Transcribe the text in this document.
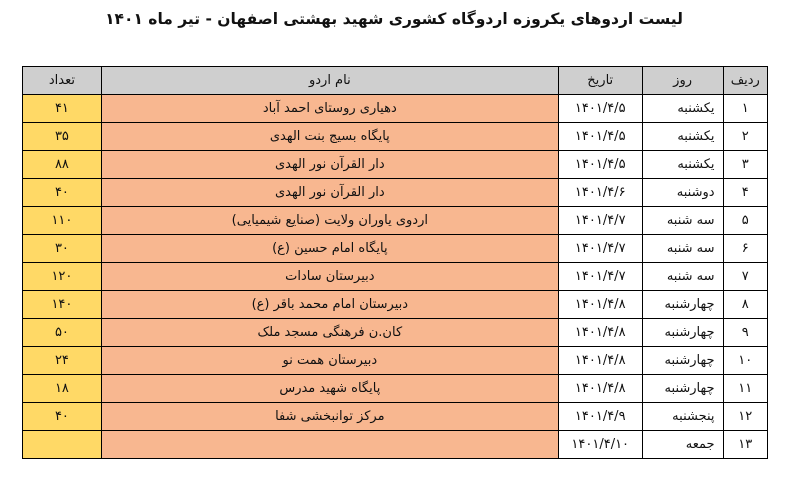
لیست اردوهای یکروزه اردوگاه کشوری شهید بهشتی اصفهان - تیر ماه ۱۴۰۱
ردیف	روز	تاریخ	نام اردو	تعداد
۱	یکشنبه	۱۴۰۱/۴/۵	دهیاری روستای احمد آباد	۴۱
۲	یکشنبه	۱۴۰۱/۴/۵	پایگاه بسیج بنت الهدی	۳۵
۳	یکشنبه	۱۴۰۱/۴/۵	دار القرآن نور الهدی	۸۸
۴	دوشنبه	۱۴۰۱/۴/۶	دار القرآن نور الهدی	۴۰
۵	سه شنبه	۱۴۰۱/۴/۷	اردوی یاوران ولایت (صنایع شیمیایی)	۱۱۰
۶	سه شنبه	۱۴۰۱/۴/۷	پایگاه امام حسین (ع)	۳۰
۷	سه شنبه	۱۴۰۱/۴/۷	دبیرستان سادات	۱۲۰
۸	چهارشنبه	۱۴۰۱/۴/۸	دبیرستان امام محمد باقر (ع)	۱۴۰
۹	چهارشنبه	۱۴۰۱/۴/۸	کان.ن فرهنگی مسجد ملک	۵۰
۱۰	چهارشنبه	۱۴۰۱/۴/۸	دبیرستان همت نو	۲۴
۱۱	چهارشنبه	۱۴۰۱/۴/۸	پایگاه شهید مدرس	۱۸
۱۲	پنجشنبه	۱۴۰۱/۴/۹	مرکز توانبخشی شفا	۴۰
۱۳	جمعه	۱۴۰۱/۴/۱۰		
